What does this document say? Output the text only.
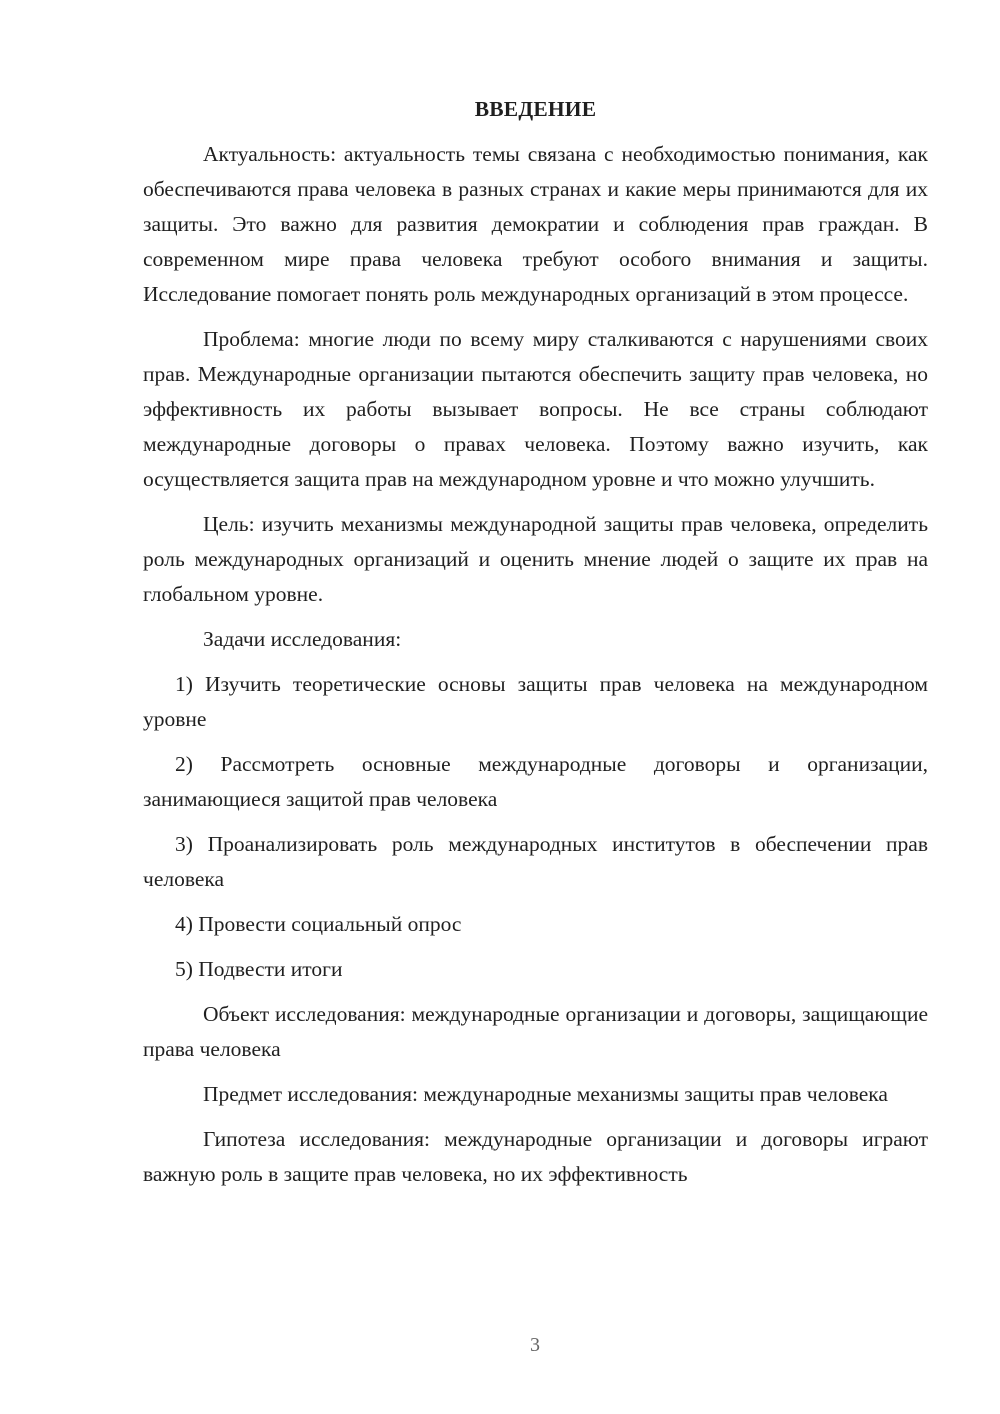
ВВЕДЕНИЕ

Актуальность: актуальность темы связана с необходимостью понимания, как обеспечиваются права человека в разных странах и какие меры принимаются для их защиты. Это важно для развития демократии и соблюдения прав граждан. В современном мире права человека требуют особого внимания и защиты. Исследование помогает понять роль международных организаций в этом процессе.

Проблема: многие люди по всему миру сталкиваются с нарушениями своих прав. Международные организации пытаются обеспечить защиту прав человека, но эффективность их работы вызывает вопросы. Не все страны соблюдают международные договоры о правах человека. Поэтому важно изучить, как осуществляется защита прав на международном уровне и что можно улучшить.

Цель: изучить механизмы международной защиты прав человека, определить роль международных организаций и оценить мнение людей о защите их прав на глобальном уровне.

Задачи исследования:

1) Изучить теоретические основы защиты прав человека на международном уровне

2) Рассмотреть основные международные договоры и организации, занимающиеся защитой прав человека

3) Проанализировать роль международных институтов в обеспечении прав человека

4) Провести социальный опрос

5) Подвести итоги

Объект исследования: международные организации и договоры, защищающие права человека

Предмет исследования: международные механизмы защиты прав человека

Гипотеза исследования: международные организации и договоры играют важную роль в защите прав человека, но их эффективность

3
